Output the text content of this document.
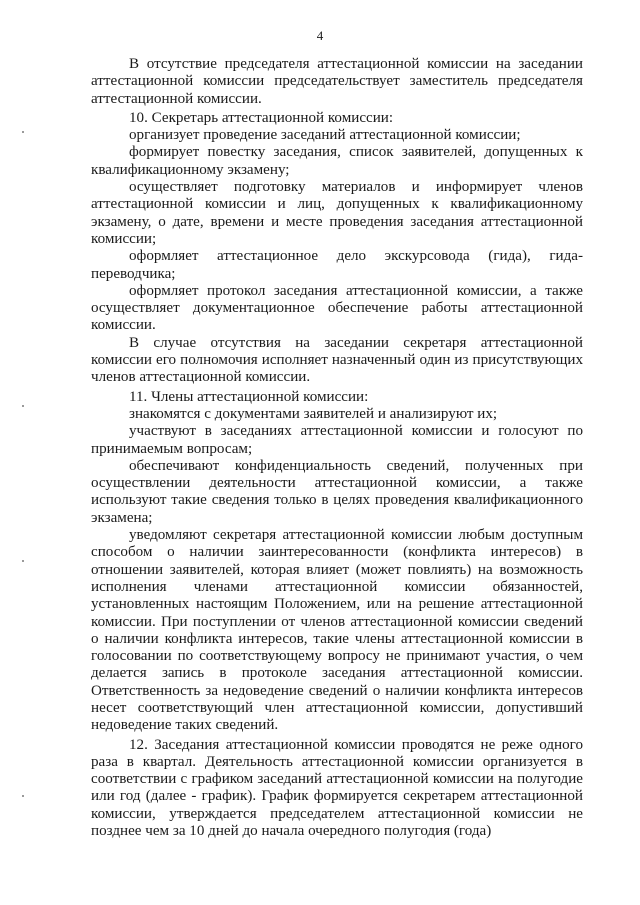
4

В отсутствие председателя аттестационной комиссии на заседании аттестационной комиссии председательствует заместитель председателя аттестационной комиссии.

10. Секретарь аттестационной комиссии:

организует проведение заседаний аттестационной комиссии;

формирует повестку заседания, список заявителей, допущенных к квалификационному экзамену;

осуществляет подготовку материалов и информирует членов аттестационной комиссии и лиц, допущенных к квалификационному экзамену, о дате, времени и месте проведения заседания аттестационной комиссии;

оформляет аттестационное дело экскурсовода (гида), гида-переводчика;

оформляет протокол заседания аттестационной комиссии, а также осуществляет документационное обеспечение работы аттестационной комиссии.

В случае отсутствия на заседании секретаря аттестационной комиссии его полномочия исполняет назначенный один из присутствующих членов аттестационной комиссии.

11. Члены аттестационной комиссии:

знакомятся с документами заявителей и анализируют их;

участвуют в заседаниях аттестационной комиссии и голосуют по принимаемым вопросам;

обеспечивают конфиденциальность сведений, полученных при осуществлении деятельности аттестационной комиссии, а также используют такие сведения только в целях проведения квалификационного экзамена;

уведомляют секретаря аттестационной комиссии любым доступным способом о наличии заинтересованности (конфликта интересов) в отношении заявителей, которая влияет (может повлиять) на возможность исполнения членами аттестационной комиссии обязанностей, установленных настоящим Положением, или на решение аттестационной комиссии. При поступлении от членов аттестационной комиссии сведений о наличии конфликта интересов, такие члены аттестационной комиссии в голосовании по соответствующему вопросу не принимают участия, о чем делается запись в протоколе заседания аттестационной комиссии. Ответственность за недоведение сведений о наличии конфликта интересов несет соответствующий член аттестационной комиссии, допустивший недоведение таких сведений.

12. Заседания аттестационной комиссии проводятся не реже одного раза в квартал. Деятельность аттестационной комиссии организуется в соответствии с графиком заседаний аттестационной комиссии на полугодие или год (далее - график). График формируется секретарем аттестационной комиссии, утверждается председателем аттестационной комиссии не позднее чем за 10 дней до начала очередного полугодия (года)
